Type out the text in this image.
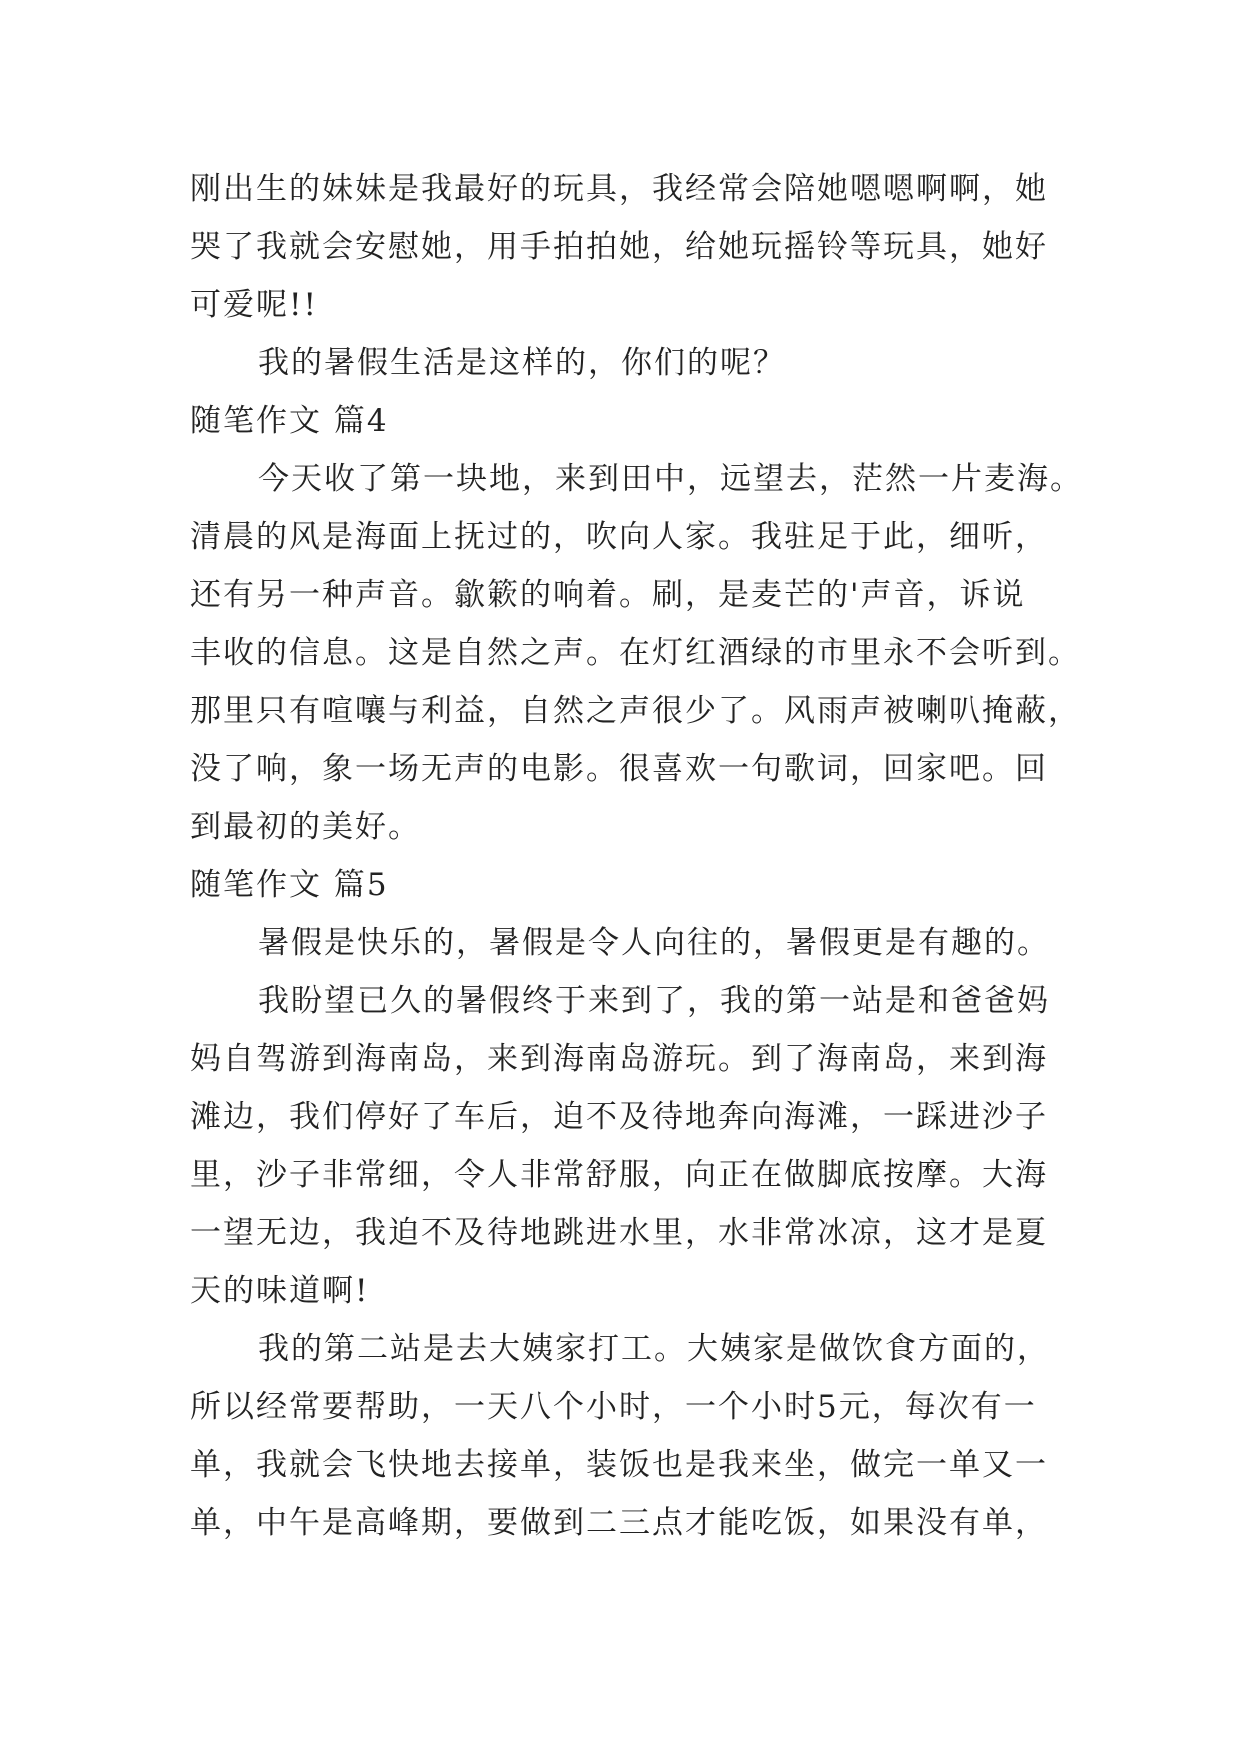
刚出生的妹妹是我最好的玩具，我经常会陪她嗯嗯啊啊，她
哭了我就会安慰她，用手拍拍她，给她玩摇铃等玩具，她好
可爱呢!!
我的暑假生活是这样的，你们的呢？
随笔作文 篇4
今天收了第一块地，来到田中，远望去，茫然一片麦海。
清晨的风是海面上抚过的，吹向人家。我驻足于此，细听，
还有另一种声音。歙簌的响着。刷，是麦芒的'声音，诉说
丰收的信息。这是自然之声。在灯红酒绿的市里永不会听到。
那里只有喧嚷与利益，自然之声很少了。风雨声被喇叭掩蔽，
没了响，象一场无声的电影。很喜欢一句歌词，回家吧。回
到最初的美好。
随笔作文 篇5
暑假是快乐的，暑假是令人向往的，暑假更是有趣的。
我盼望已久的暑假终于来到了，我的第一站是和爸爸妈
妈自驾游到海南岛，来到海南岛游玩。到了海南岛，来到海
滩边，我们停好了车后，迫不及待地奔向海滩，一踩进沙子
里，沙子非常细，令人非常舒服，向正在做脚底按摩。大海
一望无边，我迫不及待地跳进水里，水非常冰凉，这才是夏
天的味道啊!
我的第二站是去大姨家打工。大姨家是做饮食方面的，
所以经常要帮助，一天八个小时，一个小时5元，每次有一
单，我就会飞快地去接单，装饭也是我来坐，做完一单又一
单，中午是高峰期，要做到二三点才能吃饭，如果没有单，
